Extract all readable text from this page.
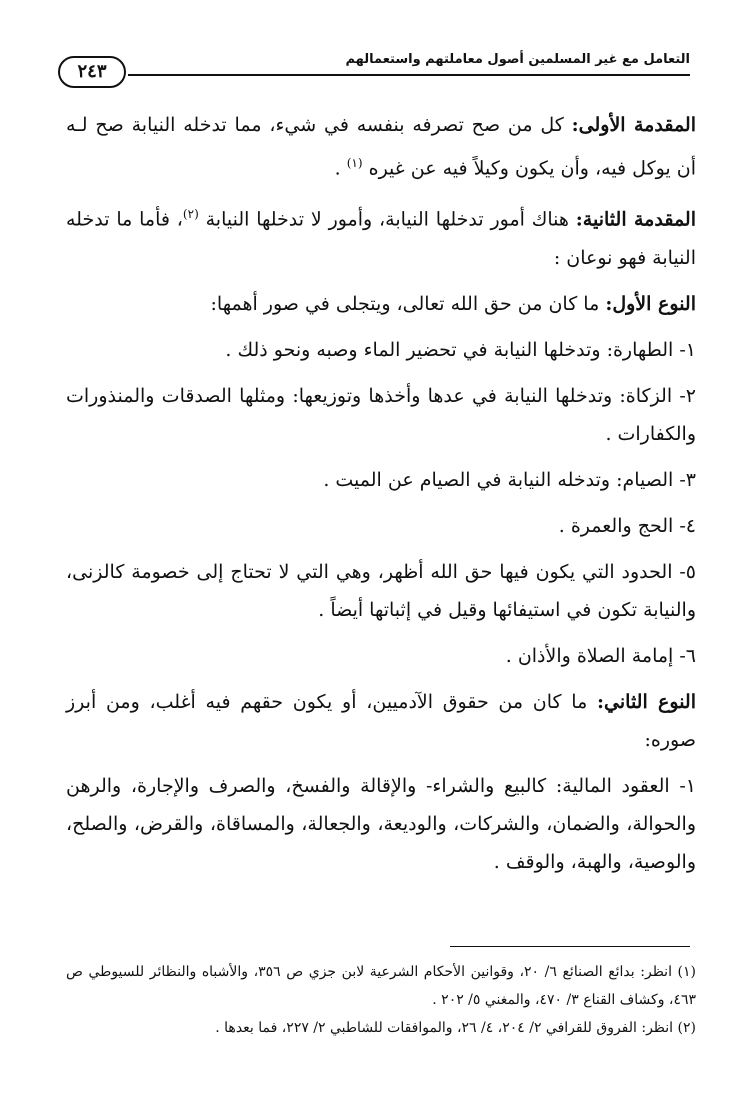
التعامل مع غير المسلمين أصول معاملتهم واستعمالهم
٢٤٣

المقدمة الأولى: كل من صح تصرفه بنفسه في شيء، مما تدخله النيابة صح لـه أن يوكل فيه، وأن يكون وكيلاً فيه عن غيره $^{(١)}$ .

المقدمة الثانية: هناك أمور تدخلها النيابة، وأمور لا تدخلها النيابة $^{(٢)}$، فأما ما تدخله النيابة فهو نوعان :

النوع الأول: ما كان من حق الله تعالى، ويتجلى في صور أهمها:

١- الطهارة: وتدخلها النيابة في تحضير الماء وصبه ونحو ذلك .

٢- الزكاة: وتدخلها النيابة في عدها وأخذها وتوزيعها: ومثلها الصدقات والمنذورات والكفارات .

٣- الصيام: وتدخله النيابة في الصيام عن الميت .

٤- الحج والعمرة .

٥- الحدود التي يكون فيها حق الله أظهر، وهي التي لا تحتاج إلى خصومة كالزنى، والنيابة تكون في استيفائها وقيل في إثباتها أيضاً .

٦- إمامة الصلاة والأذان .

النوع الثاني: ما كان من حقوق الآدميين، أو يكون حقهم فيه أغلب، ومن أبرز صوره:

١- العقود المالية: كالبيع والشراء- والإقالة والفسخ، والصرف والإجارة، والرهن والحوالة، والضمان، والشركات، والوديعة، والجعالة، والمساقاة، والقرض، والصلح، والوصية، والهبة، والوقف .

(١) انظر: بدائع الصنائع ٦/ ٢٠، وقوانين الأحكام الشرعية لابن جزي ص ٣٥٦، والأشباه والنظائر للسيوطي ص ٤٦٣، وكشاف القناع ٣/ ٤٧٠، والمغني ٥/ ٢٠٢ .

(٢) انظر: الفروق للقرافي ٢/ ٢٠٤، ٤/ ٢٦، والموافقات للشاطبي ٢/ ٢٢٧، فما بعدها .
